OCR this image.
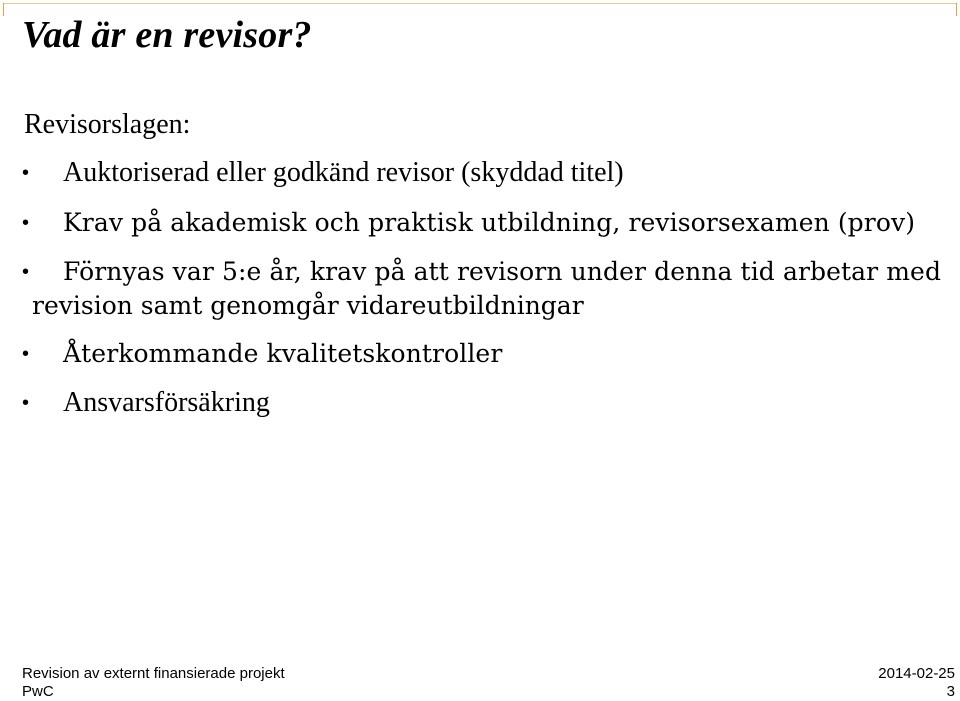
Vad är en revisor?
Revisorslagen:
• Auktoriserad eller godkänd revisor (skyddad titel)
• Krav på akademisk och praktisk utbildning, revisorsexamen (prov)
• Förnyas var 5:e år, krav på att revisorn under denna tid arbetar med
revision samt genomgår vidareutbildningar
• Återkommande kvalitetskontroller
• Ansvarsförsäkring
Revision av externt finansierade projekt
PwC
2014-02-25
3
